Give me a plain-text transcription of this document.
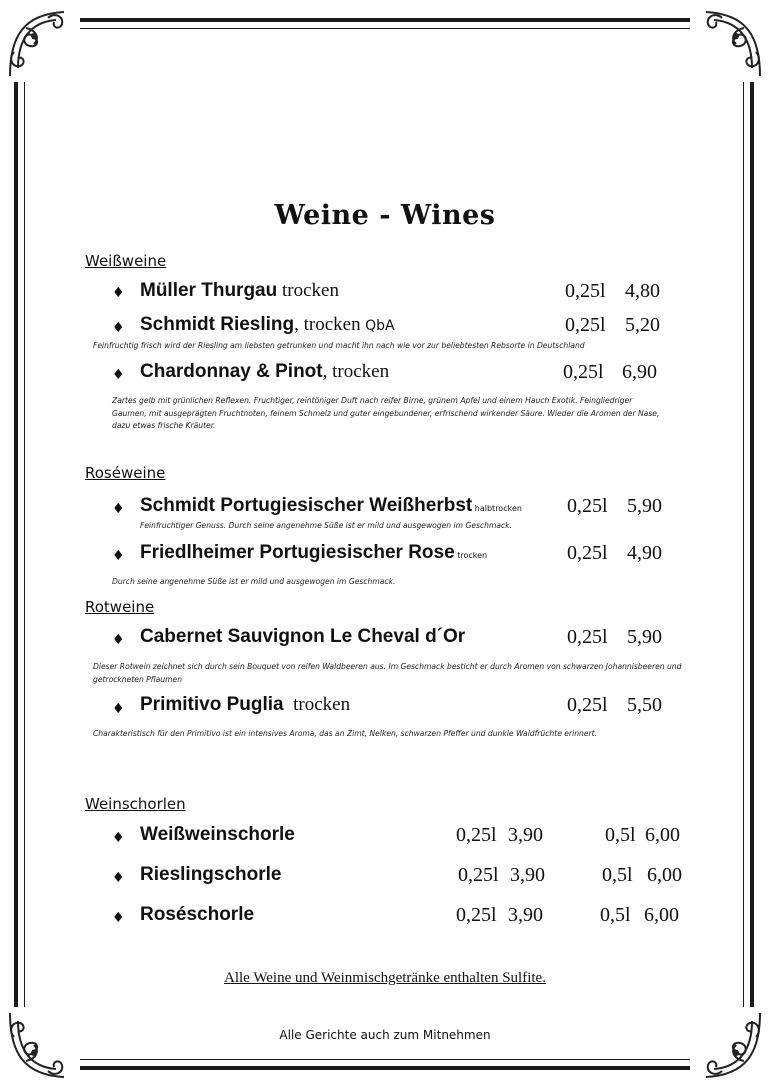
Weine - Wines
Weißweine
♦ Müller Thurgau trocken	0,25l 4,80
♦ Schmidt Riesling, trocken QbA	0,25l 5,20
Feinfruchtig frisch wird der Riesling am liebsten getrunken und macht ihn nach wie vor zur beliebtesten Rebsorte in Deutschland
♦ Chardonnay & Pinot, trocken	0,25l 6,90
Zartes gelb mit grünlichen Reflexen. Fruchtiger, reintöniger Duft nach reifer Birne, grünem Apfel und einem Hauch Exotik. Feingliedriger Gaumen, mit ausgeprägten Fruchtnoten, feinem Schmelz und guter eingebundener, erfrischend wirkender Säure. Wieder die Aromen der Nase, dazu etwas frische Kräuter.
Roséweine
♦ Schmidt Portugiesischer Weißherbst halbtrocken 0,25l 5,90
Feinfruchtiger Genuss. Durch seine angenehme Süße ist er mild und ausgewogen im Geschmack.
♦ Friedlheimer Portugiesischer Rose trocken	0,25l 4,90
Durch seine angenehme Süße ist er mild und ausgewogen im Geschmack.
Rotweine
♦ Cabernet Sauvignon Le Cheval d´Or	0,25l 5,90
Dieser Rotwein zeichnet sich durch sein Bouquet von reifen Waldbeeren aus. Im Geschmack besticht er durch Aromen von schwarzen Johannisbeeren und getrockneten Pflaumen
♦ Primitivo Puglia  trocken	0,25l 5,50
Charakteristisch für den Primitivo ist ein intensives Aroma, das an Zimt, Nelken, schwarzen Pfeffer und dunkle Waldfrüchte erinnert.
Weinschorlen
♦ Weißweinschorle	0,25l 3,90	0,5l 6,00
♦ Rieslingschorle	0,25l 3,90	0,5l 6,00
♦ Roséschorle	0,25l 3,90	0,5l 6,00
Alle Weine und Weinmischgetränke enthalten Sulfite.
Alle Gerichte auch zum Mitnehmen
